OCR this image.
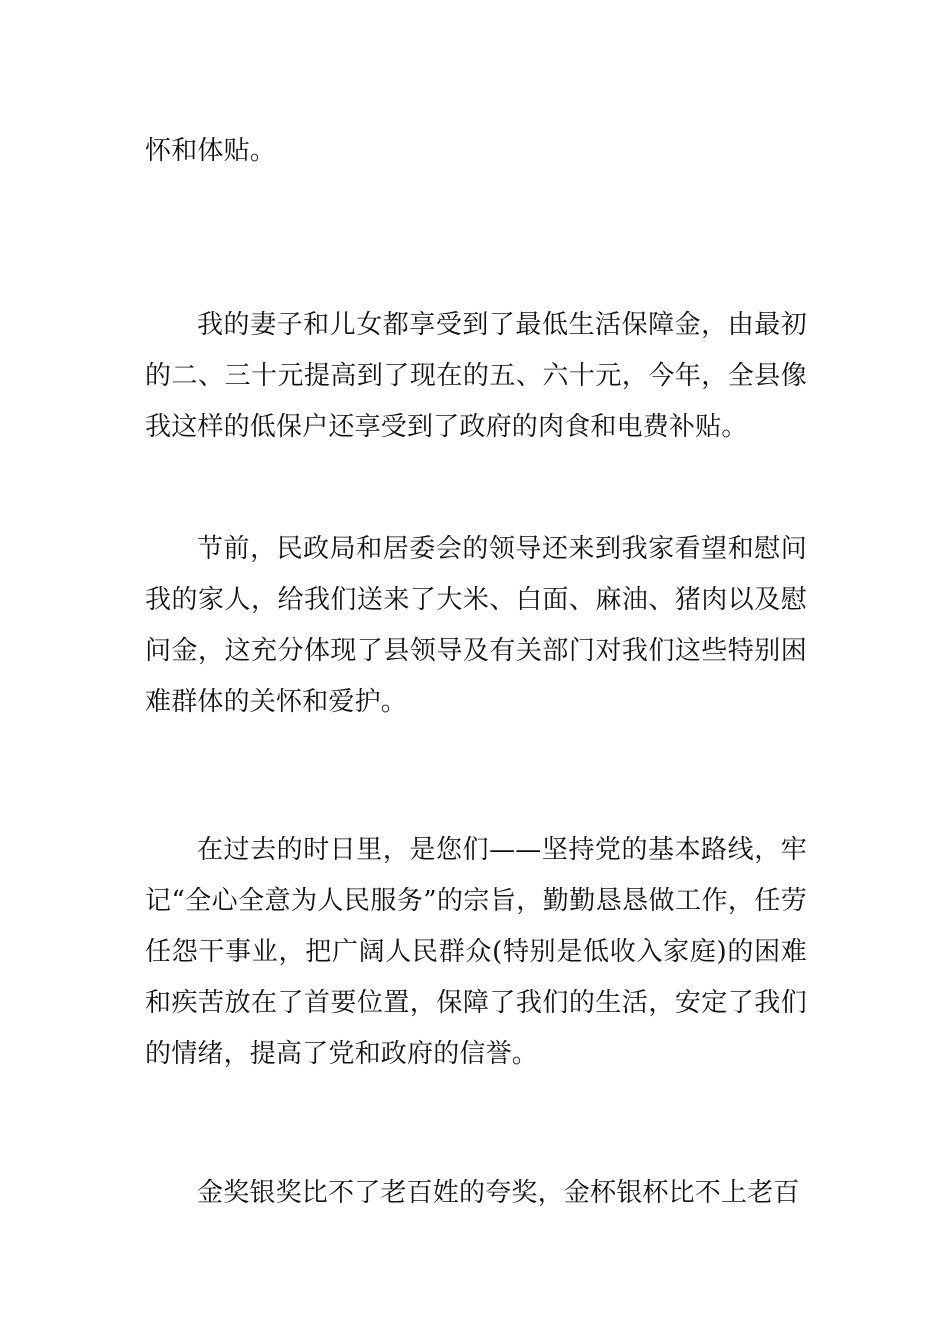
怀和体贴。

我的妻子和儿女都享受到了最低生活保障金，由最初的二、三十元提高到了现在的五、六十元，今年，全县像我这样的低保户还享受到了政府的肉食和电费补贴。

节前，民政局和居委会的领导还来到我家看望和慰问我的家人，给我们送来了大米、白面、麻油、猪肉以及慰问金，这充分体现了县领导及有关部门对我们这些特别困难群体的关怀和爱护。

在过去的时日里，是您们——坚持党的基本路线，牢记“全心全意为人民服务”的宗旨，勤勤恳恳做工作，任劳任怨干事业，把广阔人民群众(特别是低收入家庭)的困难和疾苦放在了首要位置，保障了我们的生活，安定了我们的情绪，提高了党和政府的信誉。

金奖银奖比不了老百姓的夸奖，金杯银杯比不上老百
